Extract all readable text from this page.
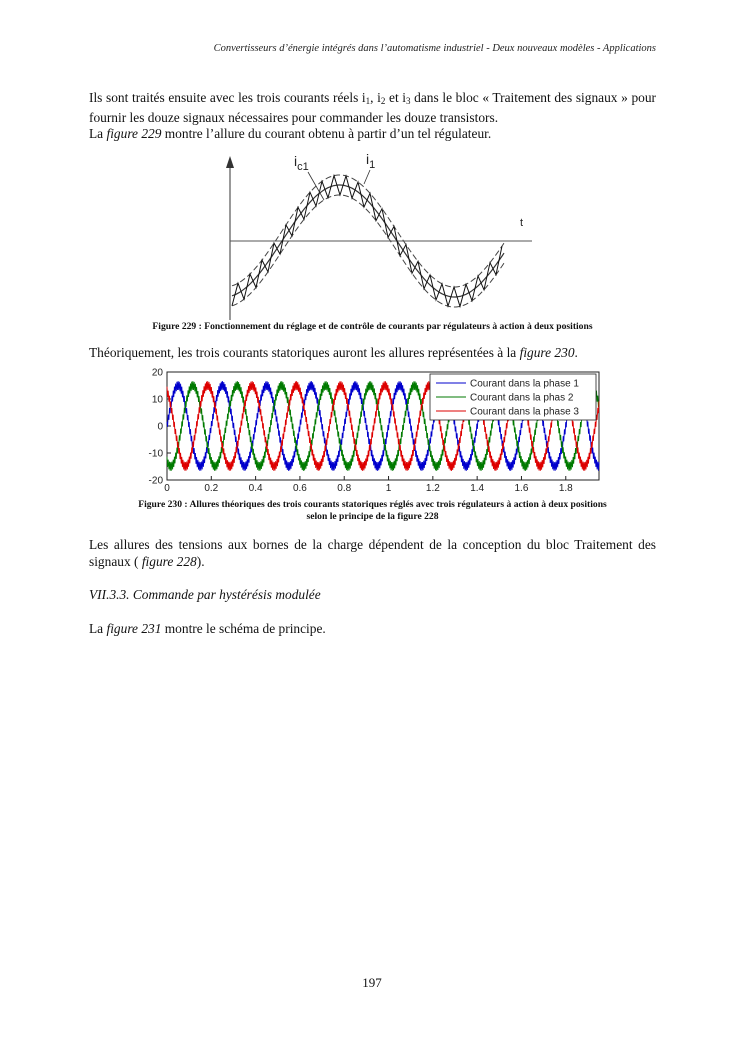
Convertisseurs d’énergie intégrés dans l’automatisme industriel - Deux nouveaux modèles - Applications
Ils sont traités ensuite avec les trois courants réels $i_1$, $i_2$ et $i_3$ dans le bloc « Traitement des signaux » pour fournir les douze signaux nécessaires pour commander les douze transistors.
La figure 229 montre l’allure du courant obtenu à partir d’un tel régulateur.
$i_{c1}$	$i_1$
t
Figure 229 : Fonctionnement du réglage et de contrôle de courants par régulateurs à action à deux positions
Théoriquement, les trois courants statoriques auront les allures représentées à la figure 230.
0	0.2	0.4	0.6	0.8	1	1.2	1.4	1.6	1.8
20
10
0
-10
-20
Courant dans la phase 1
Courant dans la phas 2
Courant dans la phase 3
Figure 230 : Allures théoriques des trois courants statoriques réglés avec trois régulateurs à action à deux positions
selon le principe de la figure 228
Les allures des tensions aux bornes de la charge dépendent de la conception du bloc Traitement des signaux ( figure 228).
VII.3.3. Commande par hystérésis modulée
La figure 231 montre le schéma de principe.
197
